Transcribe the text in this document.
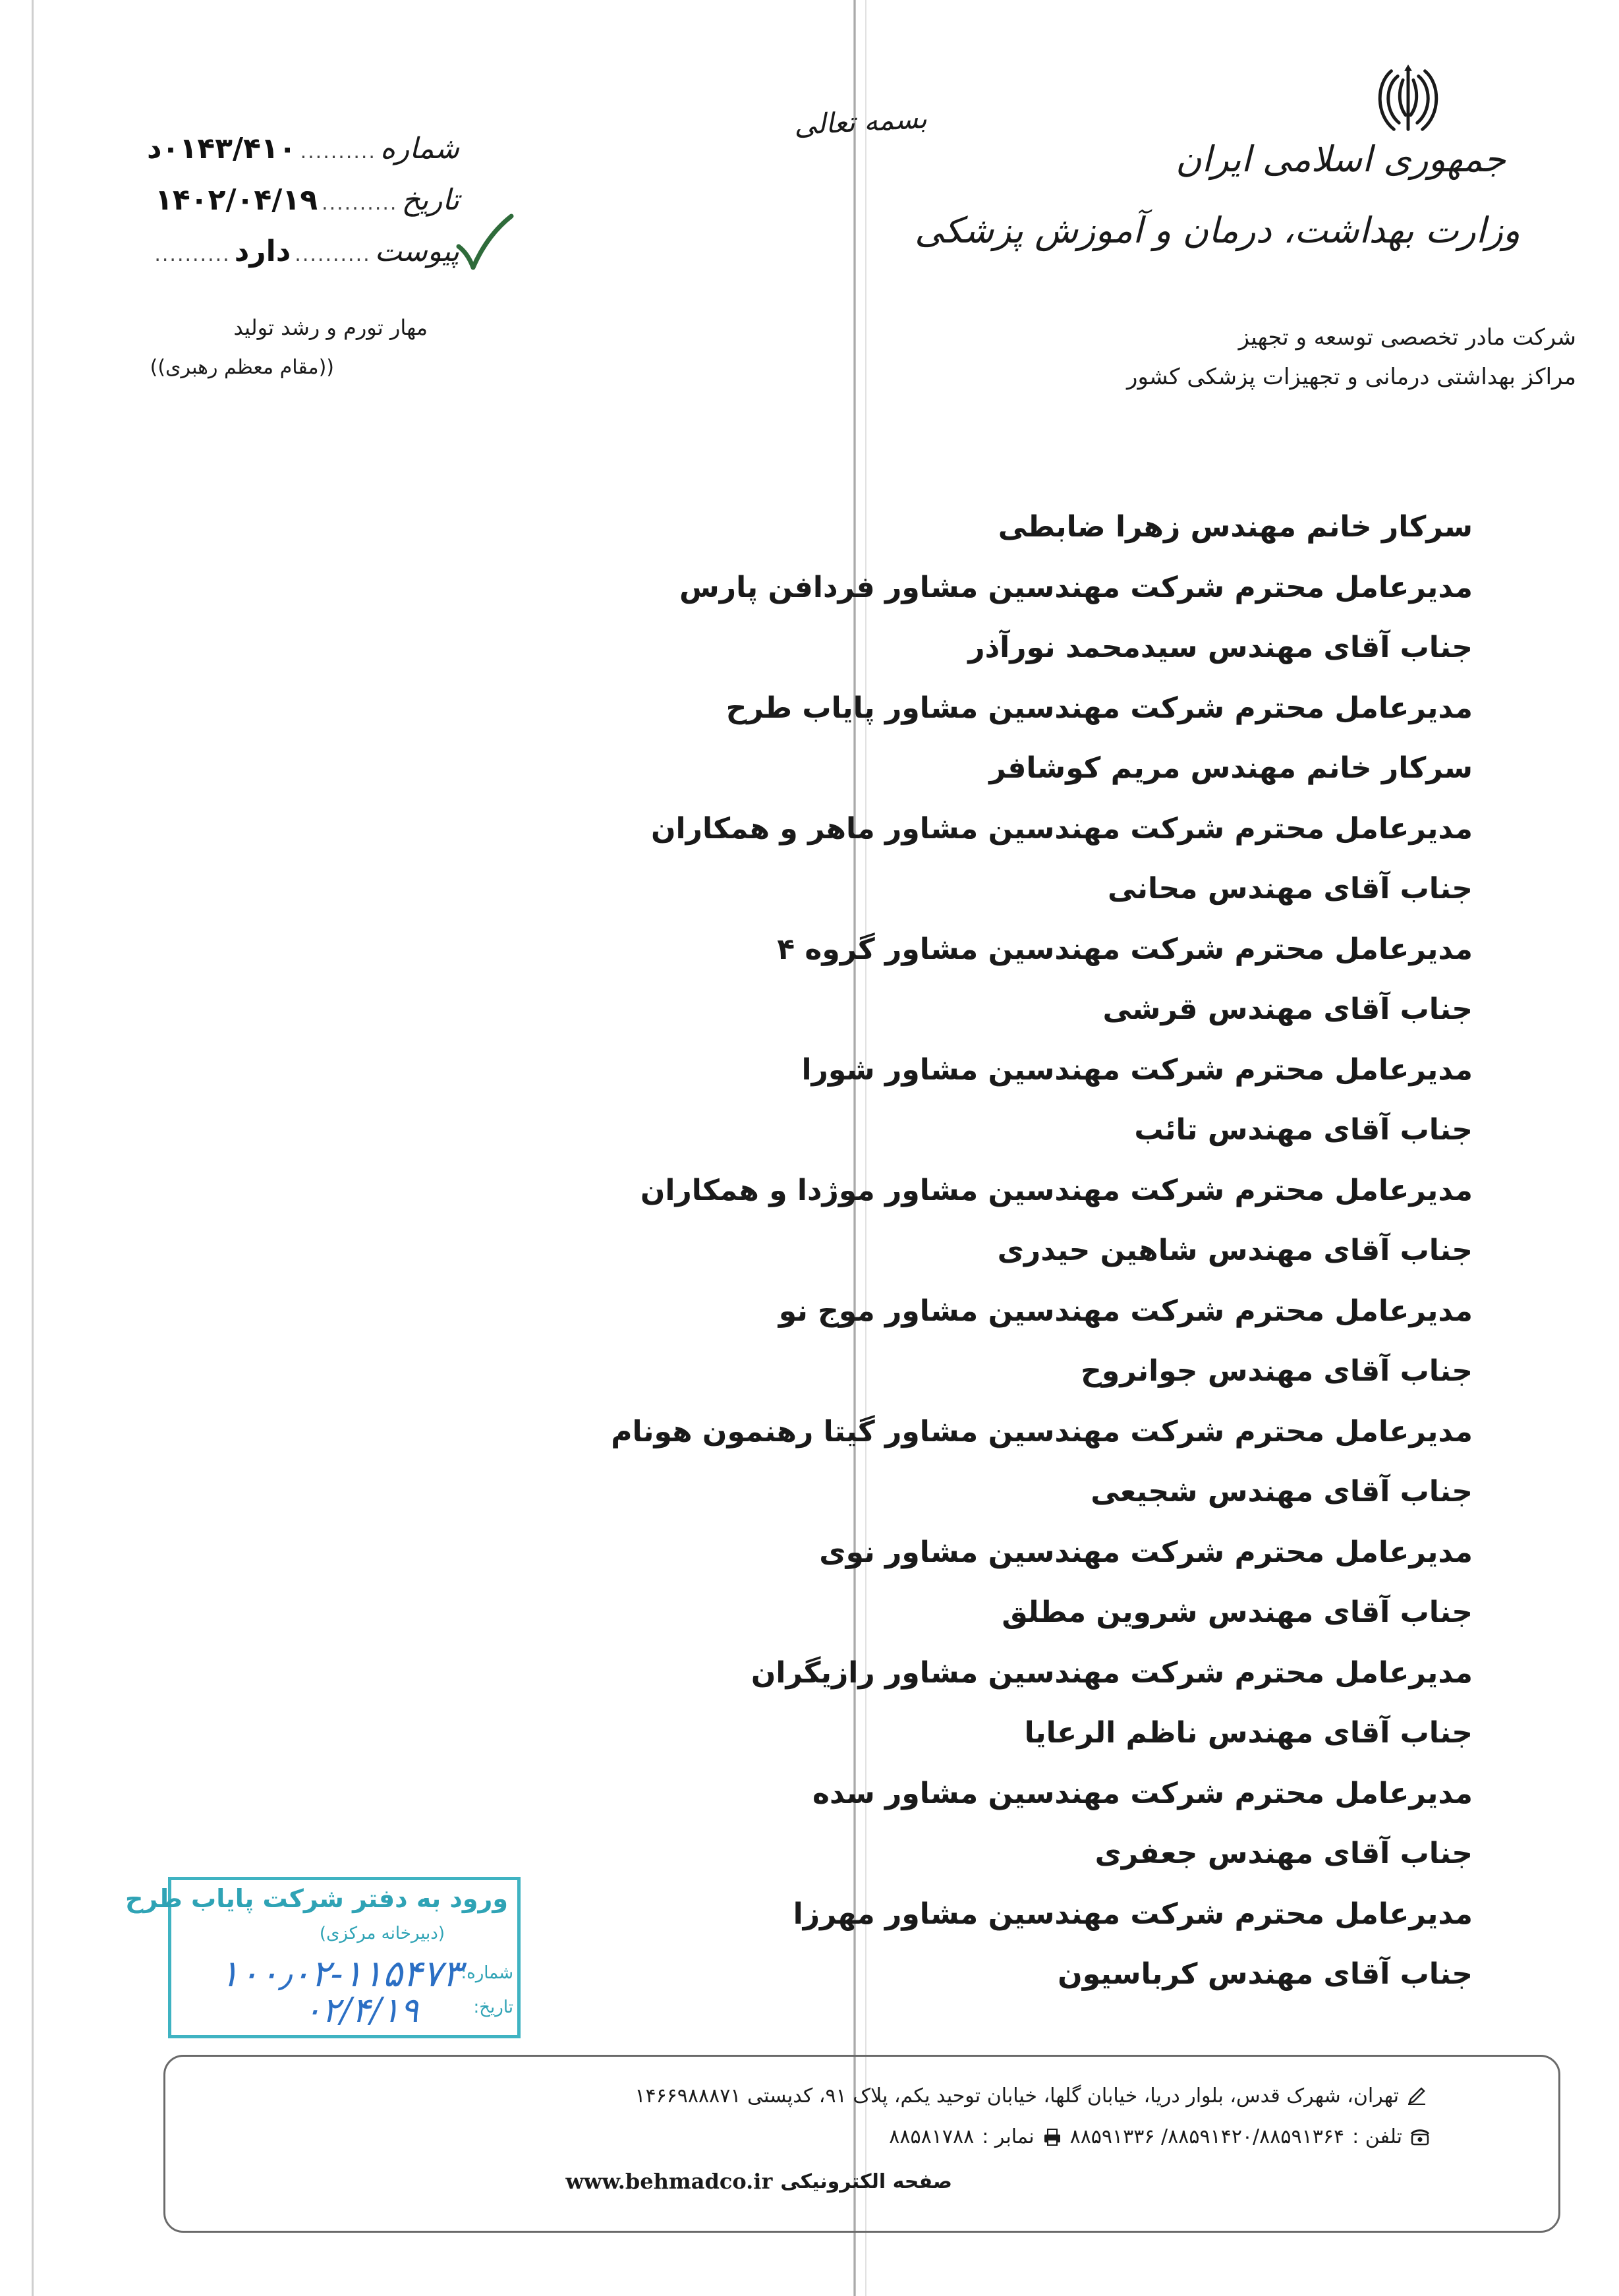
جمهوری اسلامی ایران
وزارت بهداشت، درمان و آموزش پزشکی
شرکت مادر تخصصی توسعه و تجهیز
مراکز بهداشتی درمانی و تجهیزات پزشکی کشور
بسمه تعالی
شماره
..........
۰۱۴۳/۴۱۰د
تاریخ
..........
۱۴۰۲/۰۴/۱۹
پیوست
..........
دارد
..........
مهار تورم و رشد تولید
((مقام معظم رهبری))
سرکار خانم مهندس زهرا ضابطی
مدیرعامل محترم شرکت مهندسین مشاور فردافن پارس
جناب آقای مهندس سیدمحمد نورآذر
مدیرعامل محترم شرکت مهندسین مشاور پایاب طرح
سرکار خانم مهندس مریم کوشافر
مدیرعامل محترم شرکت مهندسین مشاور ماهر و همکاران
جناب آقای مهندس محانی
مدیرعامل محترم شرکت مهندسین مشاور گروه ۴
جناب آقای مهندس قرشی
مدیرعامل محترم شرکت مهندسین مشاور شورا
جناب آقای مهندس تائب
مدیرعامل محترم شرکت مهندسین مشاور موژدا و همکاران
جناب آقای مهندس شاهین حیدری
مدیرعامل محترم شرکت مهندسین مشاور موج نو
جناب آقای مهندس جوانروح
مدیرعامل محترم شرکت مهندسین مشاور گیتا رهنمون هونام
جناب آقای مهندس شجیعی
مدیرعامل محترم شرکت مهندسین مشاور نوی
جناب آقای مهندس شروین مطلق
مدیرعامل محترم شرکت مهندسین مشاور رازیگران
جناب آقای مهندس ناظم الرعایا
مدیرعامل محترم شرکت مهندسین مشاور سده
جناب آقای مهندس جعفری
مدیرعامل محترم شرکت مهندسین مشاور مهرزا
جناب آقای مهندس کرباسیون
ورود به دفتر شرکت پایاب طرح
(دبیرخانه مرکزی)
شماره:
۱۰۰٫۰۲-۱۱۵۴۷۳
تاریخ:
۰۲/۴/۱۹
تهران، شهرک قدس، بلوار دریا، خیابان گلها، خیابان توحید یکم، پلاک ۹۱، کدپستی ۱۴۶۶۹۸۸۸۷۱
تلفن :
۸۸۵۹۱۴۲۰/۸۸۵۹۱۳۶۴/ ۸۸۵۹۱۳۳۶
نمابر :
۸۸۵۸۱۷۸۸
صفحه الکترونیکی
www.behmadco.ir
